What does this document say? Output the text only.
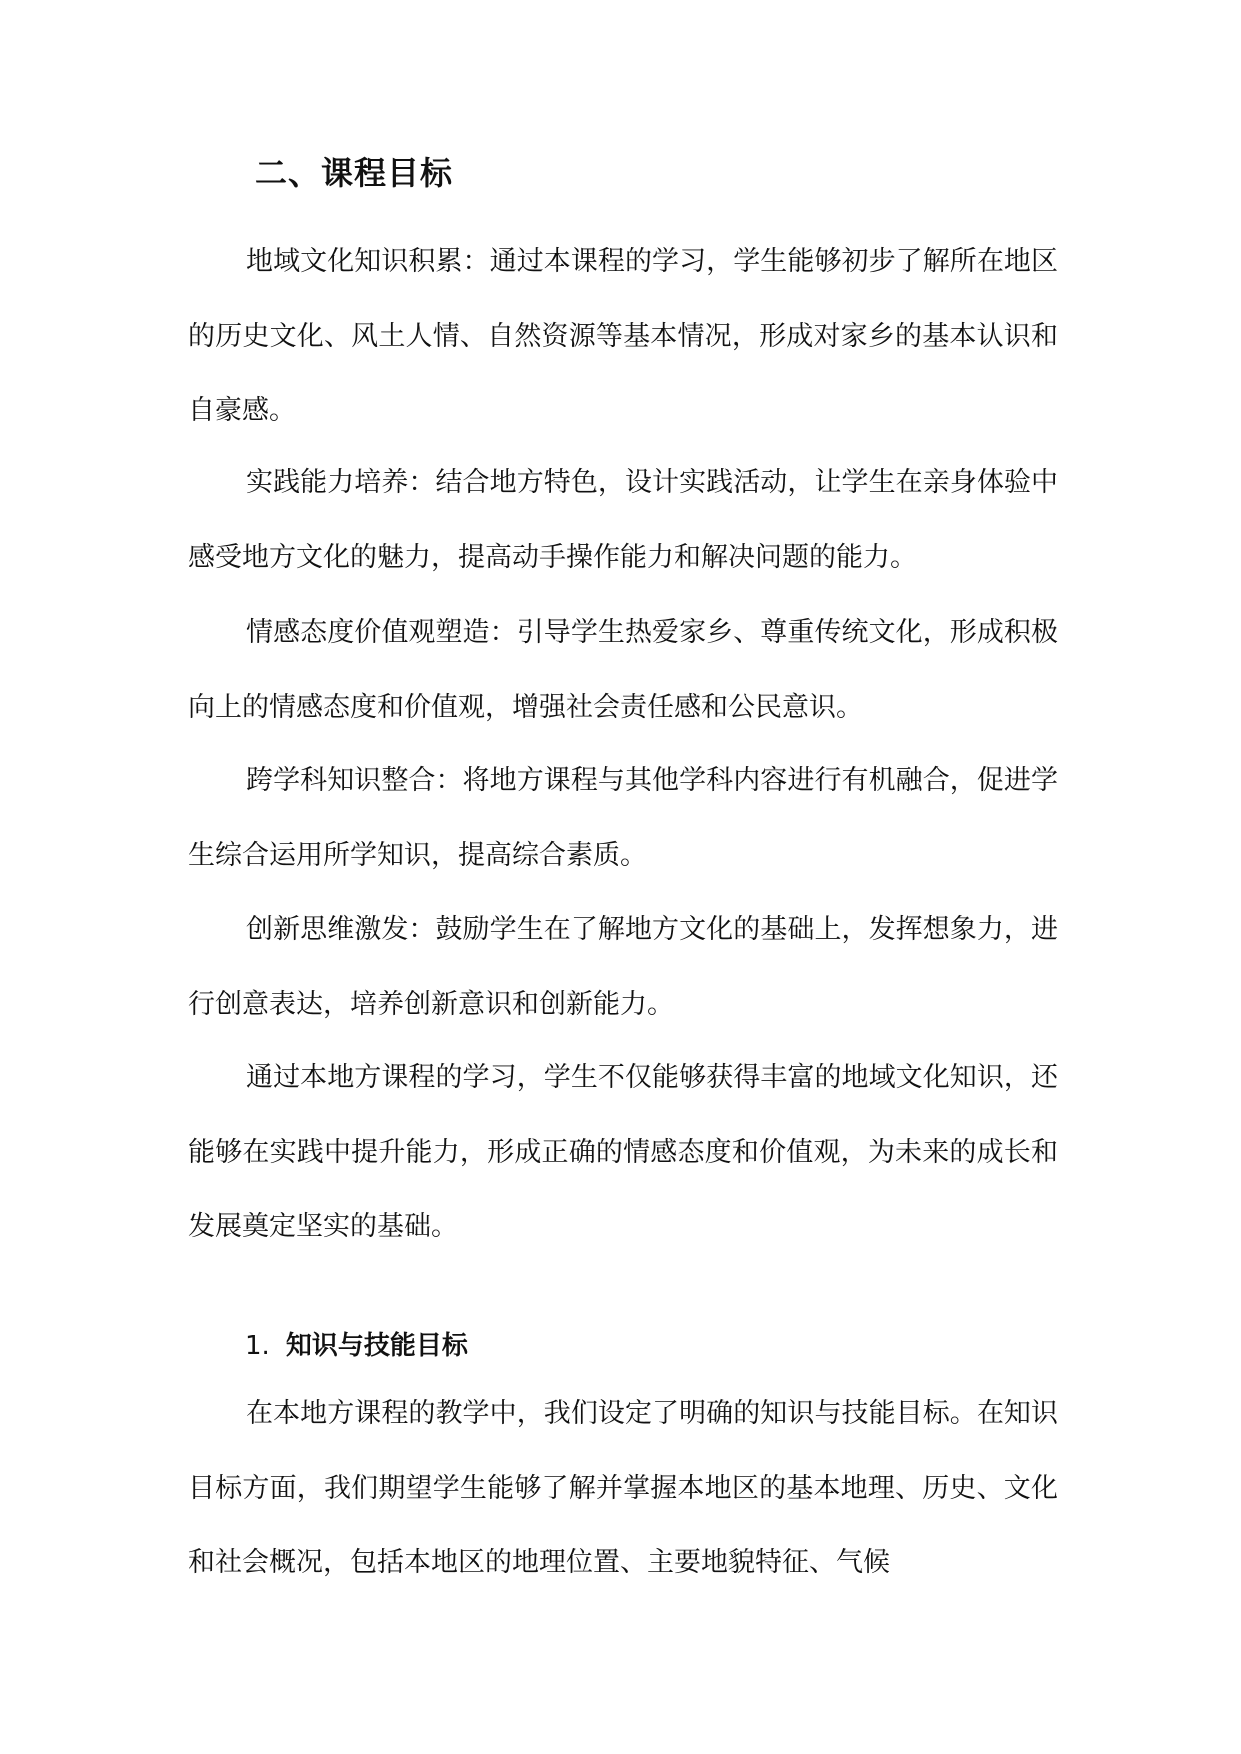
二、课程目标

地域文化知识积累：通过本课程的学习，学生能够初步了解所在地区的历史文化、风土人情、自然资源等基本情况，形成对家乡的基本认识和自豪感。

实践能力培养：结合地方特色，设计实践活动，让学生在亲身体验中感受地方文化的魅力，提高动手操作能力和解决问题的能力。

情感态度价值观塑造：引导学生热爱家乡、尊重传统文化，形成积极向上的情感态度和价值观，增强社会责任感和公民意识。

跨学科知识整合：将地方课程与其他学科内容进行有机融合，促进学生综合运用所学知识，提高综合素质。

创新思维激发：鼓励学生在了解地方文化的基础上，发挥想象力，进行创意表达，培养创新意识和创新能力。

通过本地方课程的学习，学生不仅能够获得丰富的地域文化知识，还能够在实践中提升能力，形成正确的情感态度和价值观，为未来的成长和发展奠定坚实的基础。

1. 知识与技能目标

在本地方课程的教学中，我们设定了明确的知识与技能目标。在知识目标方面，我们期望学生能够了解并掌握本地区的基本地理、历史、文化和社会概况，包括本地区的地理位置、主要地貌特征、气候
